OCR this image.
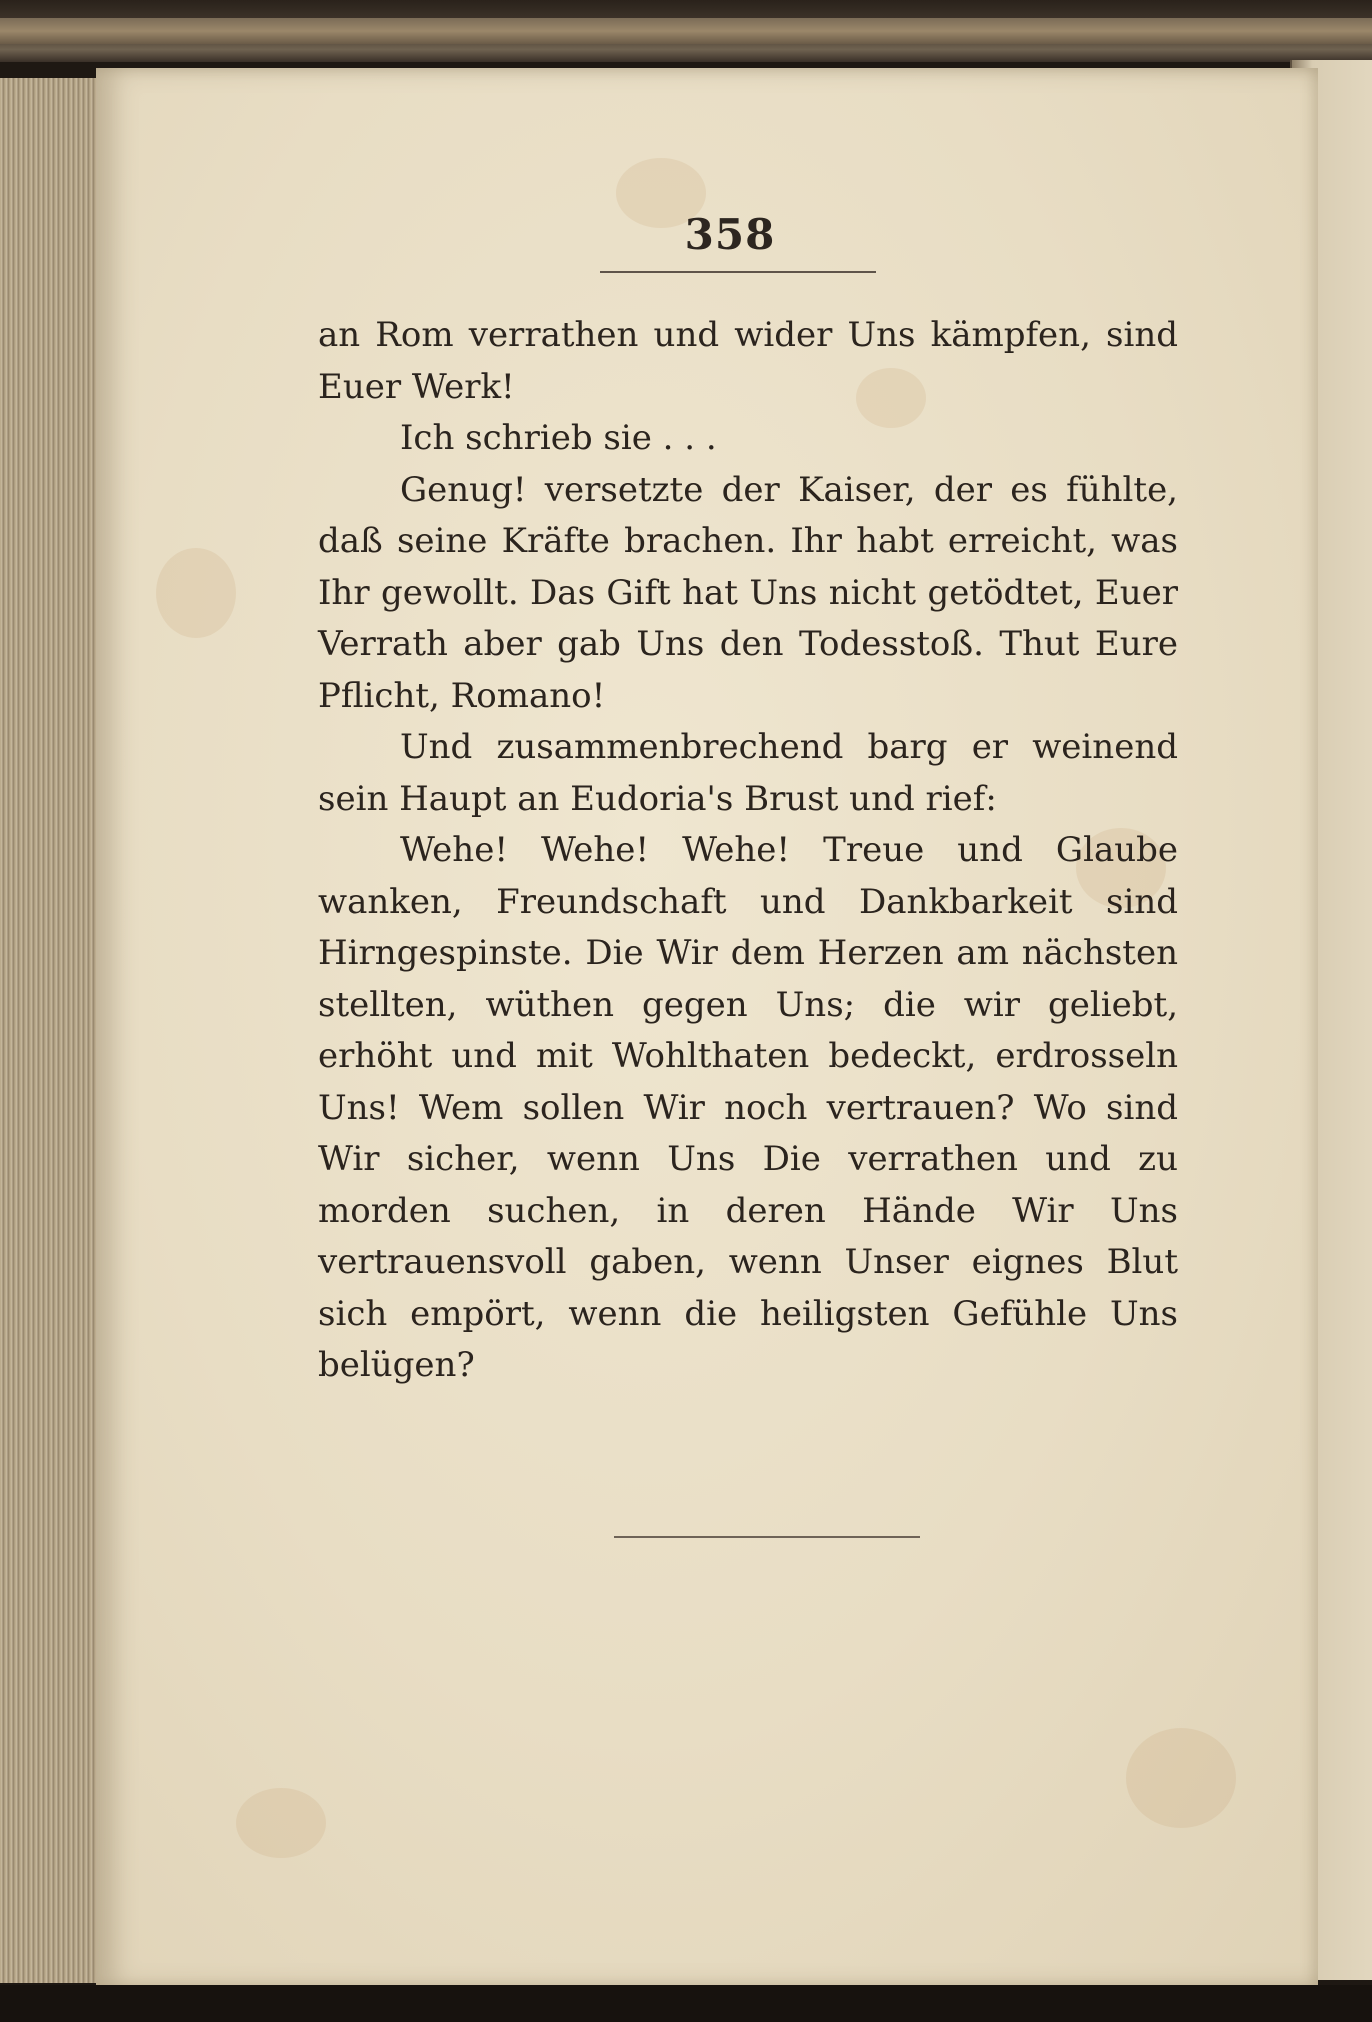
358

an Rom verrathen und wider Uns kämpfen, sind Euer Werk!

Ich schrieb sie . . .

Genug! versetzte der Kaiser, der es fühlte, daß seine Kräfte brachen. Ihr habt erreicht, was Ihr gewollt. Das Gift hat Uns nicht getödtet, Euer Verrath aber gab Uns den Todesstoß. Thut Eure Pflicht, Romano!

Und zusammenbrechend barg er weinend sein Haupt an Eudoria's Brust und rief:

Wehe! Wehe! Wehe! Treue und Glaube wanken, Freundschaft und Dankbarkeit sind Hirngespinste. Die Wir dem Herzen am nächsten stellten, wüthen gegen Uns; die wir geliebt, erhöht und mit Wohlthaten bedeckt, erdrosseln Uns! Wem sollen Wir noch vertrauen? Wo sind Wir sicher, wenn Uns Die verrathen und zu morden suchen, in deren Hände Wir Uns vertrauensvoll gaben, wenn Unser eignes Blut sich empört, wenn die heiligsten Gefühle Uns belügen?
